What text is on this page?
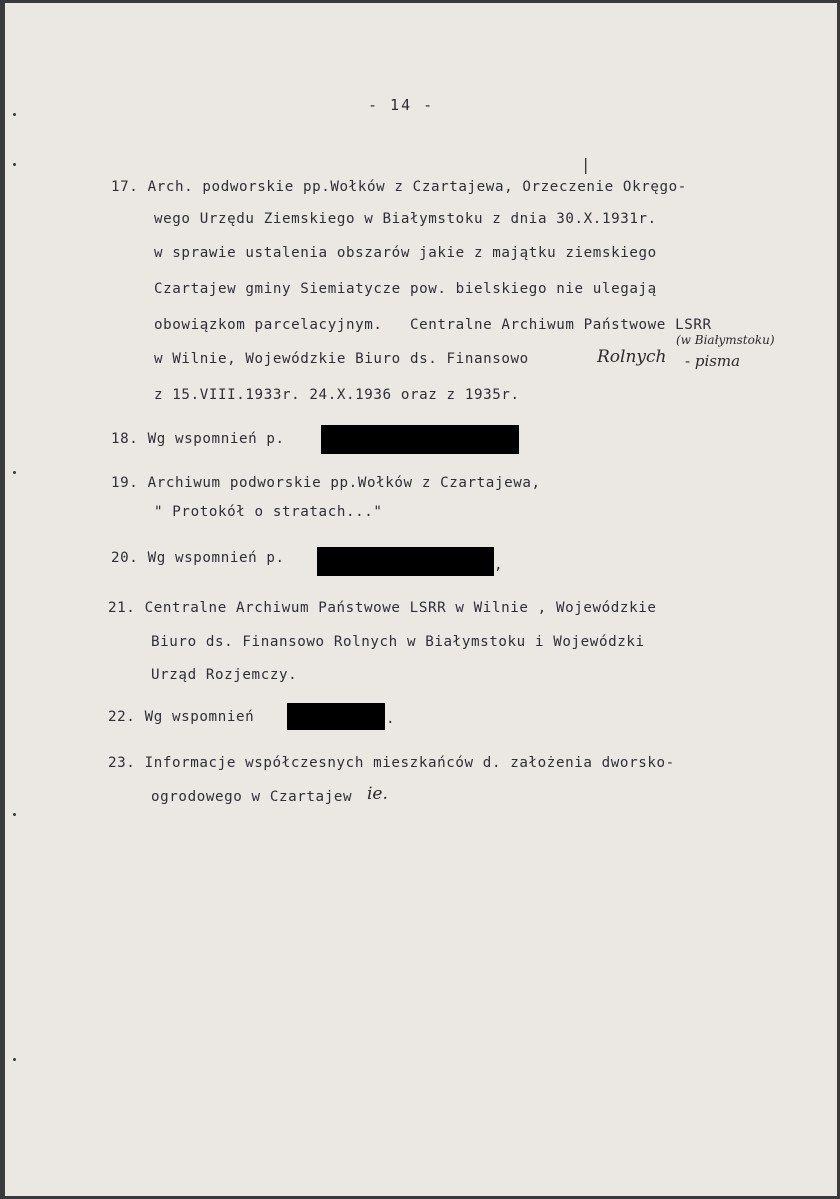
- 14 -
|
17. Arch. podworskie pp.Wołków z Czartajewa, Orzeczenie Okręgo-
wego Urzędu Ziemskiego w Białymstoku z dnia 30.X.1931r.
w sprawie ustalenia obszarów jakie z majątku ziemskiego
Czartajew gminy Siemiatycze pow. bielskiego nie ulegają
obowiązkom parcelacyjnym.   Centralne Archiwum Państwowe LSRR
w Wilnie, Wojewódzkie Biuro ds. Finansowo
(w Białymstoku)
Rolnych - pisma
z 15.VIII.1933r. 24.X.1936 oraz z 1935r.
18. Wg wspomnień p.
19. Archiwum podworskie pp.Wołków z Czartajewa,
" Protokół o stratach..."
20. Wg wspomnień p.	,
21. Centralne Archiwum Państwowe LSRR w Wilnie , Wojewódzkie
Biuro ds. Finansowo Rolnych w Białymstoku i Wojewódzki
Urząd Rozjemczy.
22. Wg wspomnień	.
23. Informacje współczesnych mieszkańców d. założenia dworsko-
ogrodowego w Czartajew ie.
